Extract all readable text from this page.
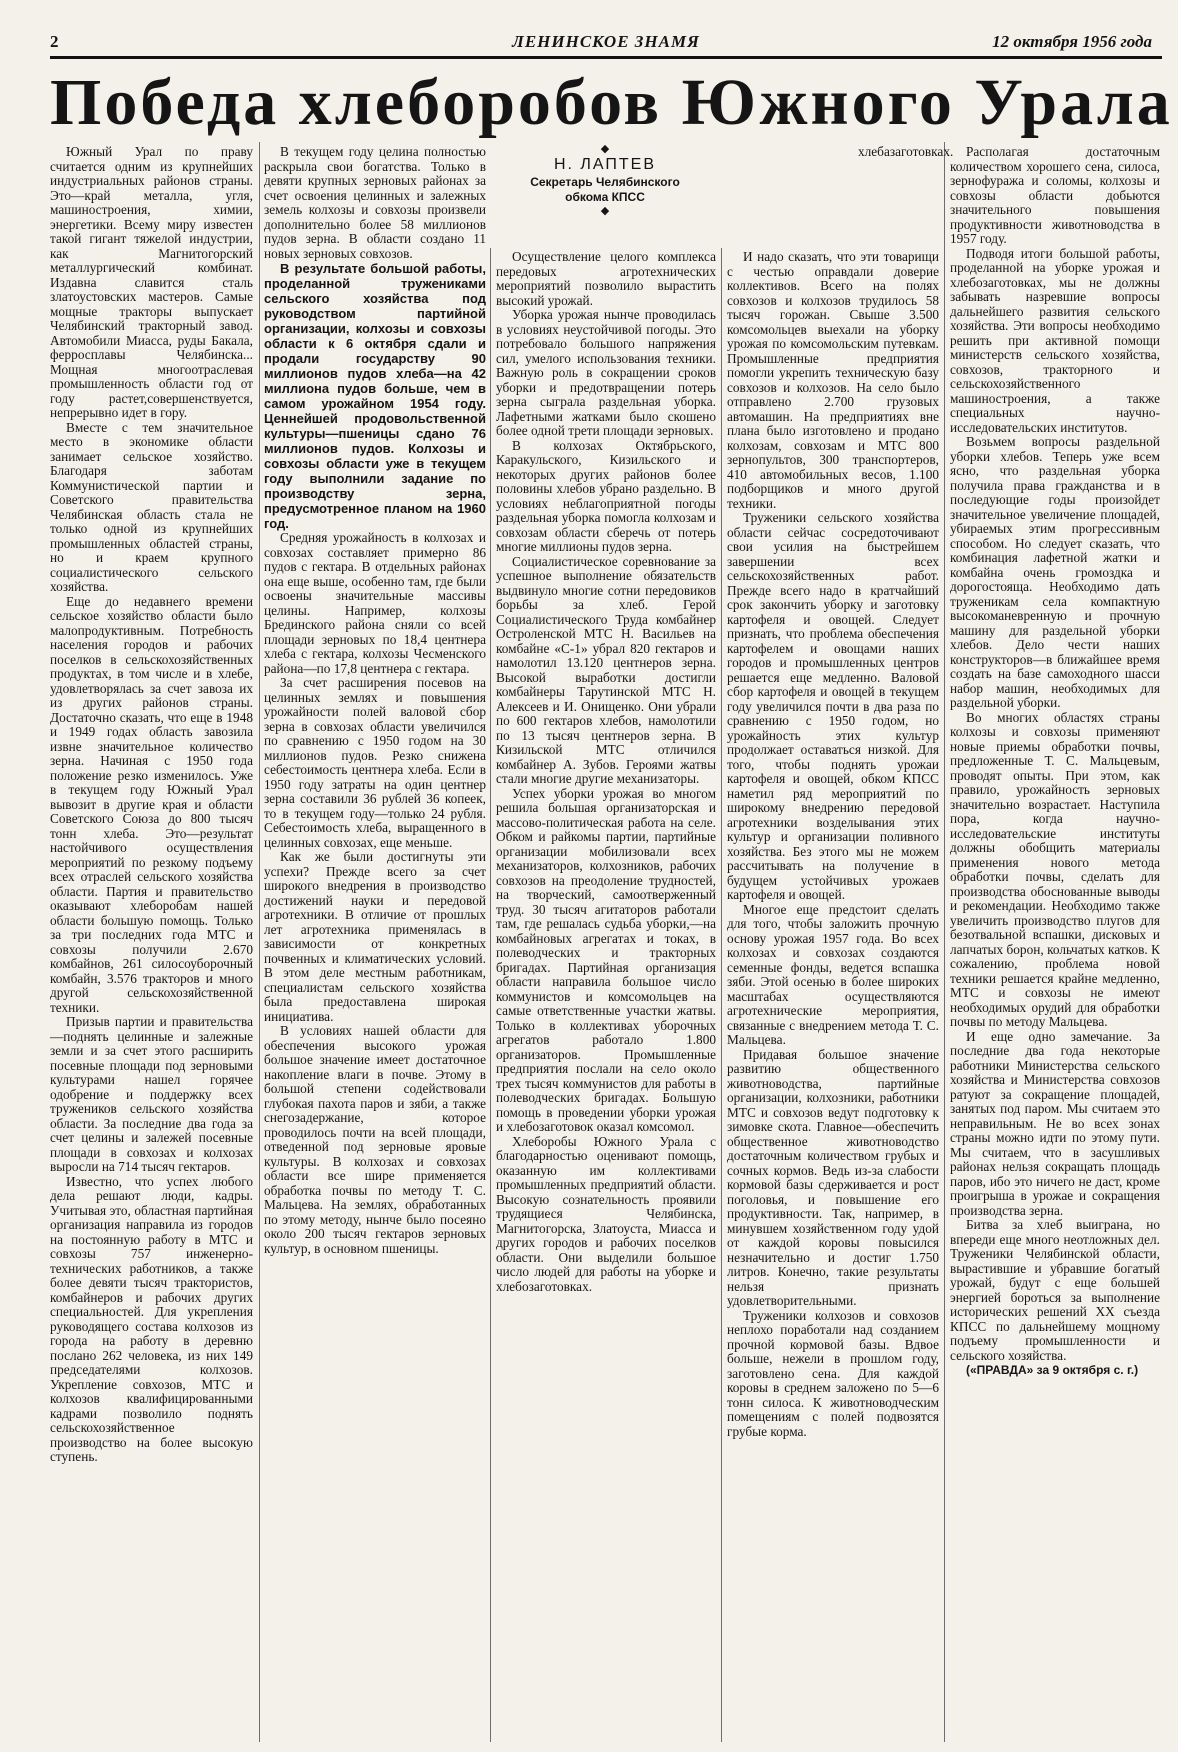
2	ЛЕНИНСКОЕ ЗНАМЯ	12 октября 1956 года
Победа хлеборобов Южного Урала
◆
Н. ЛАПТЕВ
Секретарь Челябинского
обкома КПСС
◆

Южный Урал по праву считается одним из крупнейших индустриальных районов страны. Это—край металла, угля, машиностроения, химии, энергетики. Всему миру известен такой гигант тяжелой индустрии, как Магнитогорский металлургический комбинат. Издавна славится сталь златоустовских мастеров. Самые мощные тракторы выпускает Челябинский тракторный завод. Автомобили Миасса, руды Бакала, ферросплавы Челябинска... Мощная многоотраслевая промышленность области год от году растет,совершенствуется, непрерывно идет в гору.

Вместе с тем значительное место в экономике области занимает сельское хозяйство. Благодаря заботам Коммунистической партии и Советского правительства Челябинская область стала не только одной из крупнейших промышленных областей страны, но и краем крупного социалистического сельского хозяйства.

Еще до недавнего времени сельское хозяйство области было малопродуктивным. Потребность населения городов и рабочих поселков в сельскохозяйственных продуктах, в том числе и в хлебе, удовлетворялась за счет завоза их из других районов страны. Достаточно сказать, что еще в 1948 и 1949 годах область завозила извне значительное количество зерна. Начиная с 1950 года положение резко изменилось. Уже в текущем году Южный Урал вывозит в другие края и области Советского Союза до 800 тысяч тонн хлеба. Это—результат настойчивого осуществления мероприятий по резкому подъему всех отраслей сельского хозяйства области. Партия и правительство оказывают хлеборобам нашей области большую помощь. Только за три последних года МТС и совхозы получили 2.670 комбайнов, 261 силосоуборочный комбайн, 3.576 тракторов и много другой сельскохозяйственной техники.

Призыв партии и правительства—поднять целинные и залежные земли и за счет этого расширить посевные площади под зерновыми культурами нашел горячее одобрение и поддержку всех тружеников сельского хозяйства области. За последние два года за счет целины и залежей посевные площади в совхозах и колхозах выросли на 714 тысяч гектаров.

Известно, что успех любого дела решают люди, кадры. Учитывая это, областная партийная организация направила из городов на постоянную работу в МТС и совхозы 757 инженерно-технических работников, а также более девяти тысяч трактористов, комбайнеров и рабочих других специальностей. Для укрепления руководящего состава колхозов из города на работу в деревню послано 262 человека, из них 149 председателями колхозов. Укрепление совхозов, МТС и колхозов квалифицированными кадрами позволило поднять сельскохозяйственное производство на более высокую ступень.

В текущем году целина полностью раскрыла свои богатства. Только в девяти крупных зерновых районах за счет освоения целинных и залежных земель колхозы и совхозы произвели дополнительно более 58 миллионов пудов зерна. В области создано 11 новых зерновых совхозов.

В результате большой работы, проделанной тружениками сельского хозяйства под руководством партийной организации, колхозы и совхозы области к 6 октября сдали и продали государству 90 миллионов пудов хлеба—на 42 миллиона пудов больше, чем в самом урожайном 1954 году. Ценнейшей продовольственной культуры—пшеницы сдано 76 миллионов пудов. Колхозы и совхозы области уже в текущем году выполнили задание по производству зерна, предусмотренное планом на 1960 год.

Средняя урожайность в колхозах и совхозах составляет примерно 86 пудов с гектара. В отдельных районах она еще выше, особенно там, где были освоены значительные массивы целины. Например, колхозы Брединского района сняли со всей площади зерновых по 18,4 центнера хлеба с гектара, колхозы Чесменского района—по 17,8 центнера с гектара.

За счет расширения посевов на целинных землях и повышения урожайности полей валовой сбор зерна в совхозах области увеличился по сравнению с 1950 годом на 30 миллионов пудов. Резко снижена себестоимость центнера хлеба. Если в 1950 году затраты на один центнер зерна составили 36 рублей 36 копеек, то в текущем году—только 24 рубля. Себестоимость хлеба, выращенного в целинных совхозах, еще меньше.

Как же были достигнуты эти успехи? Прежде всего за счет широкого внедрения в производство достижений науки и передовой агротехники. В отличие от прошлых лет агротехника применялась в зависимости от конкретных почвенных и климатических условий. В этом деле местным работникам, специалистам сельского хозяйства была предоставлена широкая инициатива.

В условиях нашей области для обеспечения высокого урожая большое значение имеет достаточное накопление влаги в почве. Этому в большой степени содействовали глубокая пахота паров и зяби, а также снегозадержание, которое проводилось почти на всей площади, отведенной под зерновые яровые культуры. В колхозах и совхозах области все шире применяется обработка почвы по методу Т. С. Мальцева. На землях, обработанных по этому методу, нынче было посеяно около 200 тысяч гектаров зерновых культур, в основном пшеницы.

Осуществление целого комплекса передовых агротехнических мероприятий позволило вырастить высокий урожай.

Уборка урожая нынче проводилась в условиях неустойчивой погоды. Это потребовало большого напряжения сил, умелого использования техники. Важную роль в сокращении сроков уборки и предотвращении потерь зерна сыграла раздельная уборка. Лафетными жатками было скошено более одной трети площади зерновых.

В колхозах Октябрьского, Каракульского, Кизильского и некоторых других районов более половины хлебов убрано раздельно. В условиях неблагоприятной погоды раздельная уборка помогла колхозам и совхозам области сберечь от потерь многие миллионы пудов зерна.

Социалистическое соревнование за успешное выполнение обязательств выдвинуло многие сотни передовиков борьбы за хлеб. Герой Социалистического Труда комбайнер Остроленской МТС Н. Васильев на комбайне «С-1» убрал 820 гектаров и намолотил 13.120 центнеров зерна. Высокой выработки достигли комбайнеры Тарутинской МТС Н. Алексеев и И. Онищенко. Они убрали по 600 гектаров хлебов, намолотили по 13 тысяч центнеров зерна. В Кизильской МТС отличился комбайнер А. Зубов. Героями жатвы стали многие другие механизаторы.

Успех уборки урожая во многом решила большая организаторская и массово-политическая работа на селе. Обком и райкомы партии, партийные организации мобилизовали всех механизаторов, колхозников, рабочих совхозов на преодоление трудностей, на творческий, самоотверженный труд. 30 тысяч агитаторов работали там, где решалась судьба уборки,—на комбайновых агрегатах и токах, в полеводческих и тракторных бригадах. Партийная организация области направила большое число коммунистов и комсомольцев на самые ответственные участки жатвы. Только в коллективах уборочных агрегатов работало 1.800 организаторов. Промышленные предприятия послали на село около трех тысяч коммунистов для работы в полеводческих бригадах. Большую помощь в проведении уборки урожая и хлебозаготовок оказал комсомол.

Хлеборобы Южного Урала с благодарностью оценивают помощь, оказанную им коллективами промышленных предприятий области. Высокую сознательность проявили трудящиеся Челябинска, Магнитогорска, Златоуста, Миасса и других городов и рабочих поселков области. Они выделили большое число людей для работы на уборке и хлебозаготовках.

И надо сказать, что эти товарищи с честью оправдали доверие коллективов. Всего на полях совхозов и колхозов трудилось 58 тысяч горожан. Свыше 3.500 комсомольцев выехали на уборку урожая по комсомольским путевкам. Промышленные предприятия помогли укрепить техническую базу совхозов и колхозов. На село было отправлено 2.700 грузовых автомашин. На предприятиях вне плана было изготовлено и продано колхозам, совхозам и МТС 800 зернопультов, 300 транспортеров, 410 автомобильных весов, 1.100 подборщиков и много другой техники.

Труженики сельского хозяйства области сейчас сосредоточивают свои усилия на быстрейшем завершении всех сельскохозяйственных работ. Прежде всего надо в кратчайший срок закончить уборку и заготовку картофеля и овощей. Следует признать, что проблема обеспечения картофелем и овощами наших городов и промышленных центров решается еще медленно. Валовой сбор картофеля и овощей в текущем году увеличился почти в два раза по сравнению с 1950 годом, но урожайность этих культур продолжает оставаться низкой. Для того, чтобы поднять урожаи картофеля и овощей, обком КПСС наметил ряд мероприятий по широкому внедрению передовой агротехники возделывания этих культур и организации поливного хозяйства. Без этого мы не можем рассчитывать на получение в будущем устойчивых урожаев картофеля и овощей.

Многое еще предстоит сделать для того, чтобы заложить прочную основу урожая 1957 года. Во всех колхозах и совхозах создаются семенные фонды, ведется вспашка зяби. Этой осенью в более широких масштабах осуществляются агротехнические мероприятия, связанные с внедрением метода Т. С. Мальцева.

Придавая большое значение развитию общественного животноводства, партийные организации, колхозники, работники МТС и совхозов ведут подготовку к зимовке скота. Главное—обеспечить общественное животноводство достаточным количеством грубых и сочных кормов. Ведь из-за слабости кормовой базы сдерживается и рост поголовья, и повышение его продуктивности. Так, например, в минувшем хозяйственном году удой от каждой коровы повысился незначительно и достиг 1.750 литров. Конечно, такие результаты нельзя признать удовлетворительными.

Труженики колхозов и совхозов неплохо поработали над созданием прочной кормовой базы. Вдвое больше, нежели в прошлом году, заготовлено сена. Для каждой коровы в среднем заложено по 5—6 тонн силоса. К животноводческим помещениям с полей подвозятся грубые корма.

хлебазаготовках. Располагая достаточным количеством хорошего сена, силоса, зернофуража и соломы, колхозы и совхозы области добьются значительного повышения продуктивности животноводства в 1957 году.

Подводя итоги большой работы, проделанной на уборке урожая и хлебозаготовках, мы не должны забывать назревшие вопросы дальнейшего развития сельского хозяйства. Эти вопросы необходимо решить при активной помощи министерств сельского хозяйства, совхозов, тракторного и сельскохозяйственного машиностроения, а также специальных научно-исследовательских институтов.

Возьмем вопросы раздельной уборки хлебов. Теперь уже всем ясно, что раздельная уборка получила права гражданства и в последующие годы произойдет значительное увеличение площадей, убираемых этим прогрессивным способом. Но следует сказать, что комбинация лафетной жатки и комбайна очень громоздка и дорогостояща. Необходимо дать труженикам села компактную высокоманевренную и прочную машину для раздельной уборки хлебов. Дело чести наших конструкторов—в ближайшее время создать на базе самоходного шасси набор машин, необходимых для раздельной уборки.

Во многих областях страны колхозы и совхозы применяют новые приемы обработки почвы, предложенные Т. С. Мальцевым, проводят опыты. При этом, как правило, урожайность зерновых значительно возрастает. Наступила пора, когда научно-исследовательские институты должны обобщить материалы применения нового метода обработки почвы, сделать для производства обоснованные выводы и рекомендации. Необходимо также увеличить производство плугов для безотвальной вспашки, дисковых и лапчатых борон, кольчатых катков. К сожалению, проблема новой техники решается крайне медленно, МТС и совхозы не имеют необходимых орудий для обработки почвы по методу Мальцева.

И еще одно замечание. За последние два года некоторые работники Министерства сельского хозяйства и Министерства совхозов ратуют за сокращение площадей, занятых под паром. Мы считаем это неправильным. Не во всех зонах страны можно идти по этому пути. Мы считаем, что в засушливых районах нельзя сокращать площадь паров, ибо это ничего не даст, кроме проигрыша в урожае и сокращения производства зерна.

Битва за хлеб выиграна, но впереди еще много неотложных дел. Труженики Челябинской области, вырастившие и убравшие богатый урожай, будут с еще большей энергией бороться за выполнение исторических решений XX съезда КПСС по дальнейшему мощному подъему промышленности и сельского хозяйства.

(«ПРАВДА» за 9 октября с. г.)
